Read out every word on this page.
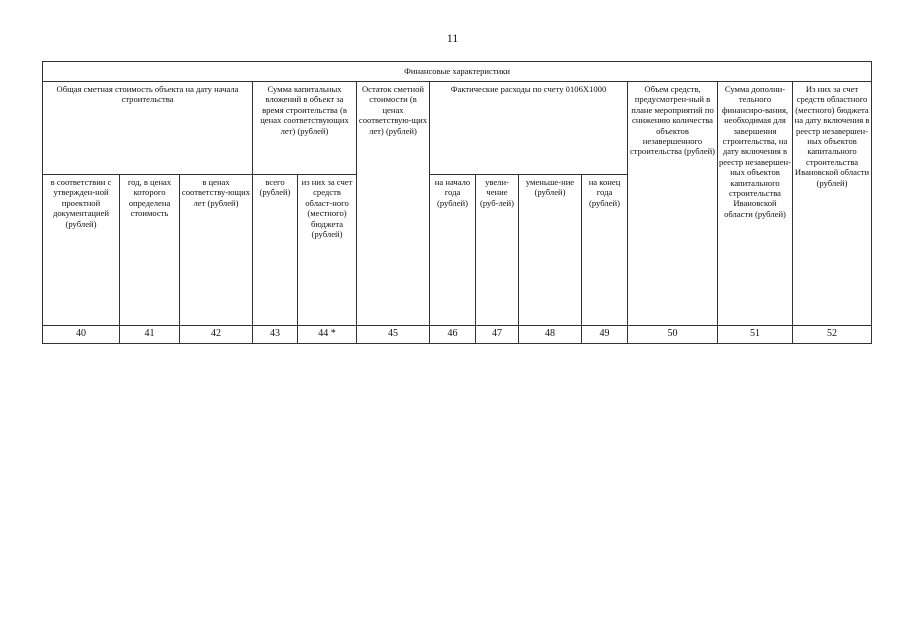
11
Финансовые характеристики												
Общая сметная стоимость объекта на дату начала строительства			Сумма капитальных вложений в объект за время строительства (в ценах соответствующих лет) (рублей)		Остаток сметной стоимости (в ценах соответствую-щих лет) (рублей)	Фактические расходы по счету 0106Х1000				Объем средств, предусмотрен-ный в плане мероприятий по снижению количества объектов незавершенного строительства (рублей)	Сумма дополни-тельного финансиро-вания, необходимая для завершения строительства, на дату включения в реестр незавершен-ных объектов капитального строительства Ивановской области (рублей)	Из них за счет средств областного (местного) бюджета на дату включения в реестр незавершен-ных объектов капитального строительства Ивановской области (рублей)
в соответствии с утвержден-ной проектной документацией (рублей)	год, в ценах которого определена стоимость	в ценах соответству-ющих лет (рублей)	всего (рублей)	из них за счет средств област-ного (местного) бюджета (рублей)		на начало года (рублей)	увели-чение (руб-лей)	уменьше-ние (рублей)	на конец года (рублей)			
40	41	42	43	44 *	45	46	47	48	49	50	51	52
